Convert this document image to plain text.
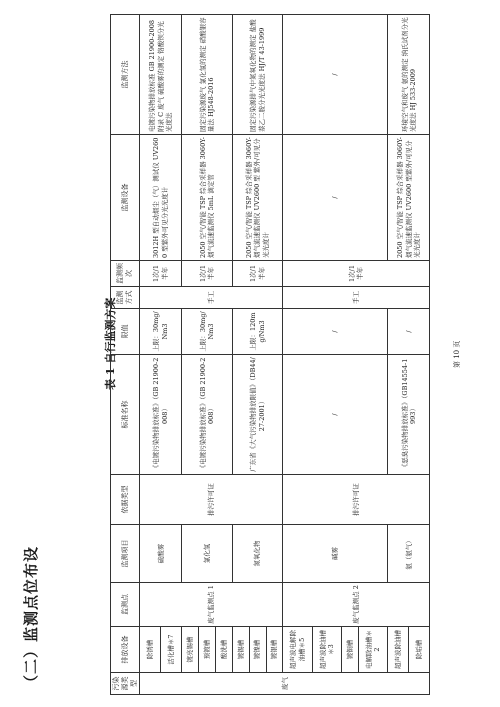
（二）监测点位布设
表 1 自行监测方案	第 10 页
污染源类型	排放设备	监测点	监测项目	依据类型	标准名称	限值	监测方式	监测频次	监测设备	监测方法
废气	除锈槽	废气监测点 1	硫酸雾	排污许可证	《电镀污染物排放标准》（GB 21900-2008）	上限：30mg/Nm3	手工	1次/1半年	3012H 型自动烟尘（气）测试仪 UV2600 型紫外可见分光光度计	电镀污染物排放标准 GB 21900-2008 附录 C 废气 硫酸雾的测定 铬酸钡分光光度法
	活化槽＊7									
	镀亮锡槽		氯化氢		《电镀污染物排放标准》（GB 21900-2008）	上限：30mg/Nm3		1次/1半年	2050 空气/智能 TSP 综合采样器 3060Y-烟气流速监测仪 5mL 滴定管	固定污染源废气 氯化氢的测定 硝酸银容量法 HJ548-2016
	预镀槽									
	酸洗槽									
	镀锡槽		氮氧化物		广东省《大气污染物排放限值》（DB44/27-2001）	上限：120mg/Nm3		1次/1半年	2050 空气/智能 TSP 综合采样器 3060Y-烟气流速监测仪 UV2600 型 紫外/可见分光光度计	固定污染源排气中氮氧化物的测定 盐酸萘乙二胺分光光度法 HJ/T 43-1999
	镀镍槽									
	镀银槽									
	超声波电解除油槽＊5	废气监测点 2	碱雾	排污许可证	/	/	手工	1次/1半年	/	/
	超声波除油槽＊3									
	镀铜槽									
	电解除油槽＊2									
	超声波除油槽		氨（氨气）		《恶臭污染物排放标准》（GB14554-1993）	/			2050 空气/智能 TSP 综合采样器 3060Y-烟气流速监测仪 UV2600 型紫外/可见分光光度计	环境空气和废气 氨的测定 纳氏试剂分光光度法 HJ 533-2009
	除垢槽									
